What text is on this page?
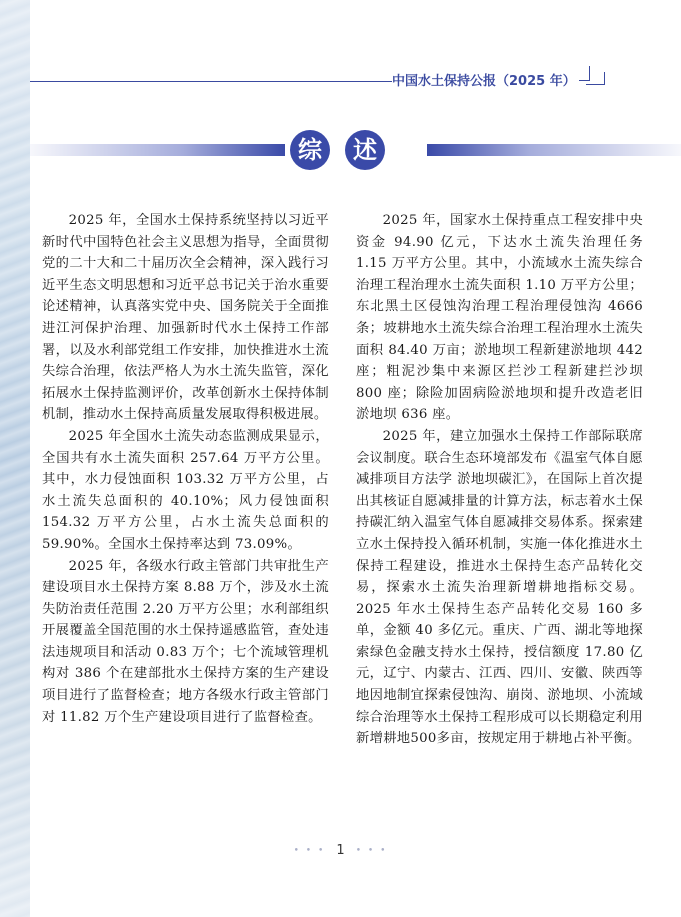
中国水土保持公报（2025 年）
综	述

2025 年，全国水土保持系统坚持以习近平新时代中国特色社会主义思想为指导，全面贯彻党的二十大和二十届历次全会精神，深入践行习近平生态文明思想和习近平总书记关于治水重要论述精神，认真落实党中央、国务院关于全面推进江河保护治理、加强新时代水土保持工作部署，以及水利部党组工作安排，加快推进水土流失综合治理，依法严格人为水土流失监管，深化拓展水土保持监测评价，改革创新水土保持体制机制，推动水土保持高质量发展取得积极进展。

2025 年全国水土流失动态监测成果显示，全国共有水土流失面积 257.64 万平方公里。其中，水力侵蚀面积 103.32 万平方公里，占水土流失总面积的 40.10%；风力侵蚀面积 154.32 万平方公里，占水土流失总面积的 59.90%。全国水土保持率达到 73.09%。

2025 年，各级水行政主管部门共审批生产建设项目水土保持方案 8.88 万个，涉及水土流失防治责任范围 2.20 万平方公里；水利部组织开展覆盖全国范围的水土保持遥感监管，查处违法违规项目和活动 0.83 万个；七个流域管理机构对 386 个在建部批水土保持方案的生产建设项目进行了监督检查；地方各级水行政主管部门对 11.82 万个生产建设项目进行了监督检查。

2025 年，国家水土保持重点工程安排中央资金 94.90 亿元，下达水土流失治理任务 1.15 万平方公里。其中，小流域水土流失综合治理工程治理水土流失面积 1.10 万平方公里；东北黑土区侵蚀沟治理工程治理侵蚀沟 4666 条；坡耕地水土流失综合治理工程治理水土流失面积 84.40 万亩；淤地坝工程新建淤地坝 442 座；粗泥沙集中来源区拦沙工程新建拦沙坝 800 座；除险加固病险淤地坝和提升改造老旧淤地坝 636 座。

2025 年，建立加强水土保持工作部际联席会议制度。联合生态环境部发布《温室气体自愿减排项目方法学 淤地坝碳汇》，在国际上首次提出其核证自愿减排量的计算方法，标志着水土保持碳汇纳入温室气体自愿减排交易体系。探索建立水土保持投入循环机制，实施一体化推进水土保持工程建设，推进水土保持生态产品转化交易，探索水土流失治理新增耕地指标交易。2025 年水土保持生态产品转化交易 160 多单，金额 40 多亿元。重庆、广西、湖北等地探索绿色金融支持水土保持，授信额度 17.80 亿元，辽宁、内蒙古、江西、四川、安徽、陕西等地因地制宜探索侵蚀沟、崩岗、淤地坝、小流域综合治理等水土保持工程形成可以长期稳定利用新增耕地500多亩，按规定用于耕地占补平衡。

• • • 1 • • •
